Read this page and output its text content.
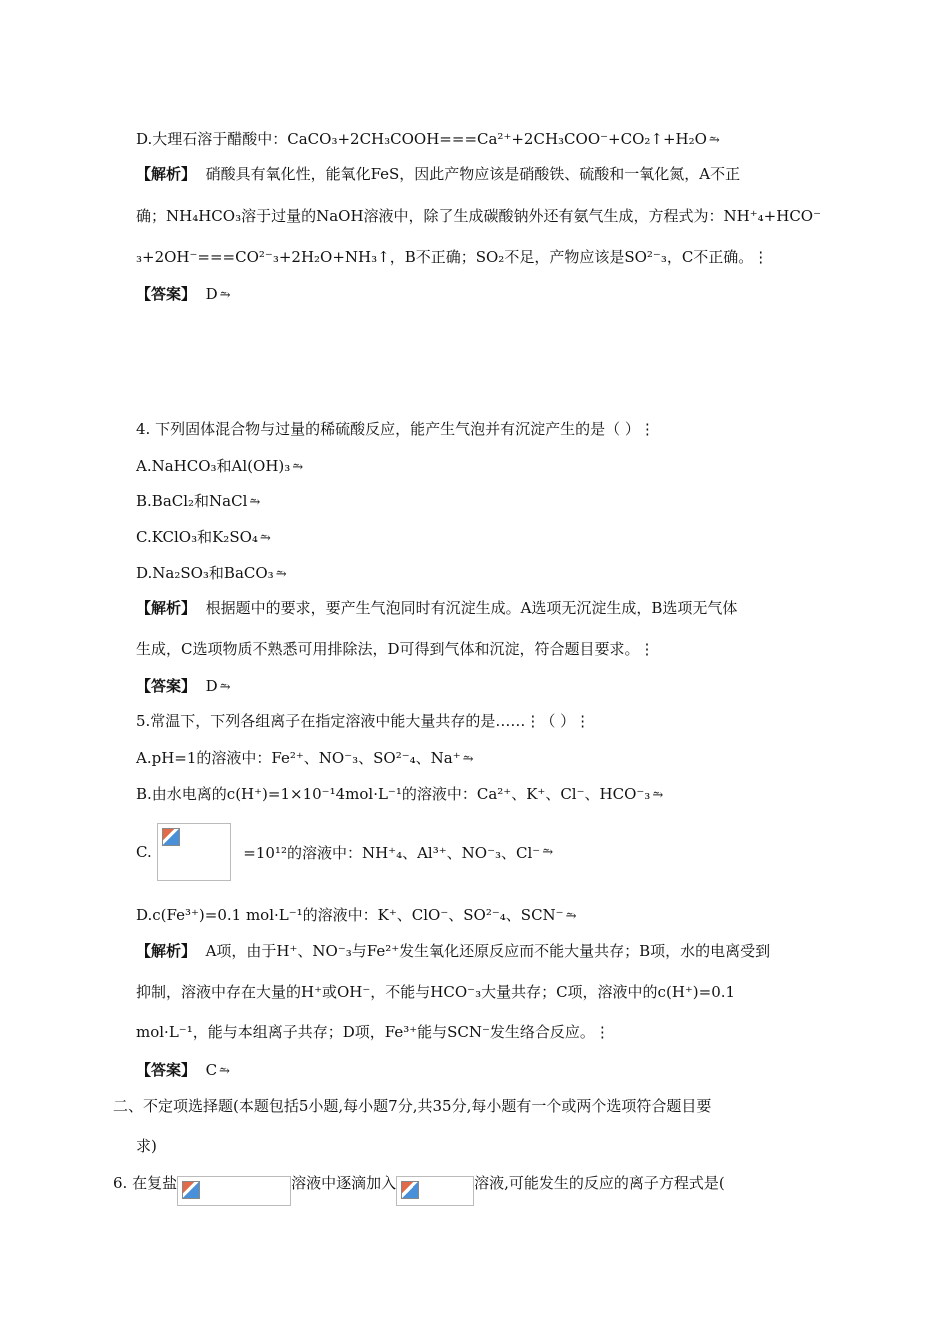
D.大理石溶于醋酸中：CaCO₃+2CH₃COOH===Ca²⁺+2CH₃COO⁻+CO₂↑+H₂O ⥲
【解析】 硝酸具有氧化性，能氧化FeS，因此产物应该是硝酸铁、硫酸和一氧化氮，A不正
确；NH₄HCO₃溶于过量的NaOH溶液中，除了生成碳酸钠外还有氨气生成，方程式为：NH⁺₄+HCO⁻
₃+2OH⁻===CO²⁻₃+2H₂O+NH₃↑，B不正确；SO₂不足，产物应该是SO²⁻₃，C不正确。⋮
【答案】 D ⥲
4. 下列固体混合物与过量的稀硫酸反应，能产生气泡并有沉淀产生的是（ ）⋮
A.NaHCO₃和Al(OH)₃ ⥲
B.BaCl₂和NaCl ⥲
C.KClO₃和K₂SO₄ ⥲
D.Na₂SO₃和BaCO₃ ⥲
【解析】 根据题中的要求，要产生气泡同时有沉淀生成。A选项无沉淀生成，B选项无气体
生成，C选项物质不熟悉可用排除法，D可得到气体和沉淀，符合题目要求。⋮
【答案】 D ⥲
5.常温下，下列各组离子在指定溶液中能大量共存的是……⋮（ ）⋮
A.pH=1的溶液中：Fe²⁺、NO⁻₃、SO²⁻₄、Na⁺ ⥲
B.由水电离的c(H⁺)=1×10⁻¹4mol·L⁻¹的溶液中：Ca²⁺、K⁺、Cl⁻、HCO⁻₃ ⥲
C.	=10¹²的溶液中：NH⁺₄、Al³⁺、NO⁻₃、Cl⁻ ⥲
D.c(Fe³⁺)=0.1 mol·L⁻¹的溶液中：K⁺、ClO⁻、SO²⁻₄、SCN⁻ ⥲
【解析】 A项，由于H⁺、NO⁻₃与Fe²⁺发生氧化还原反应而不能大量共存；B项，水的电离受到
抑制，溶液中存在大量的H⁺或OH⁻，不能与HCO⁻₃大量共存；C项，溶液中的c(H⁺)=0.1
mol·L⁻¹，能与本组离子共存；D项，Fe³⁺能与SCN⁻发生络合反应。⋮
【答案】 C ⥲
二、不定项选择题(本题包括5小题,每小题7分,共35分,每小题有一个或两个选项符合题目要
求)
6. 在复盐	溶液中逐滴加入	溶液,可能发生的反应的离子方程式是(
